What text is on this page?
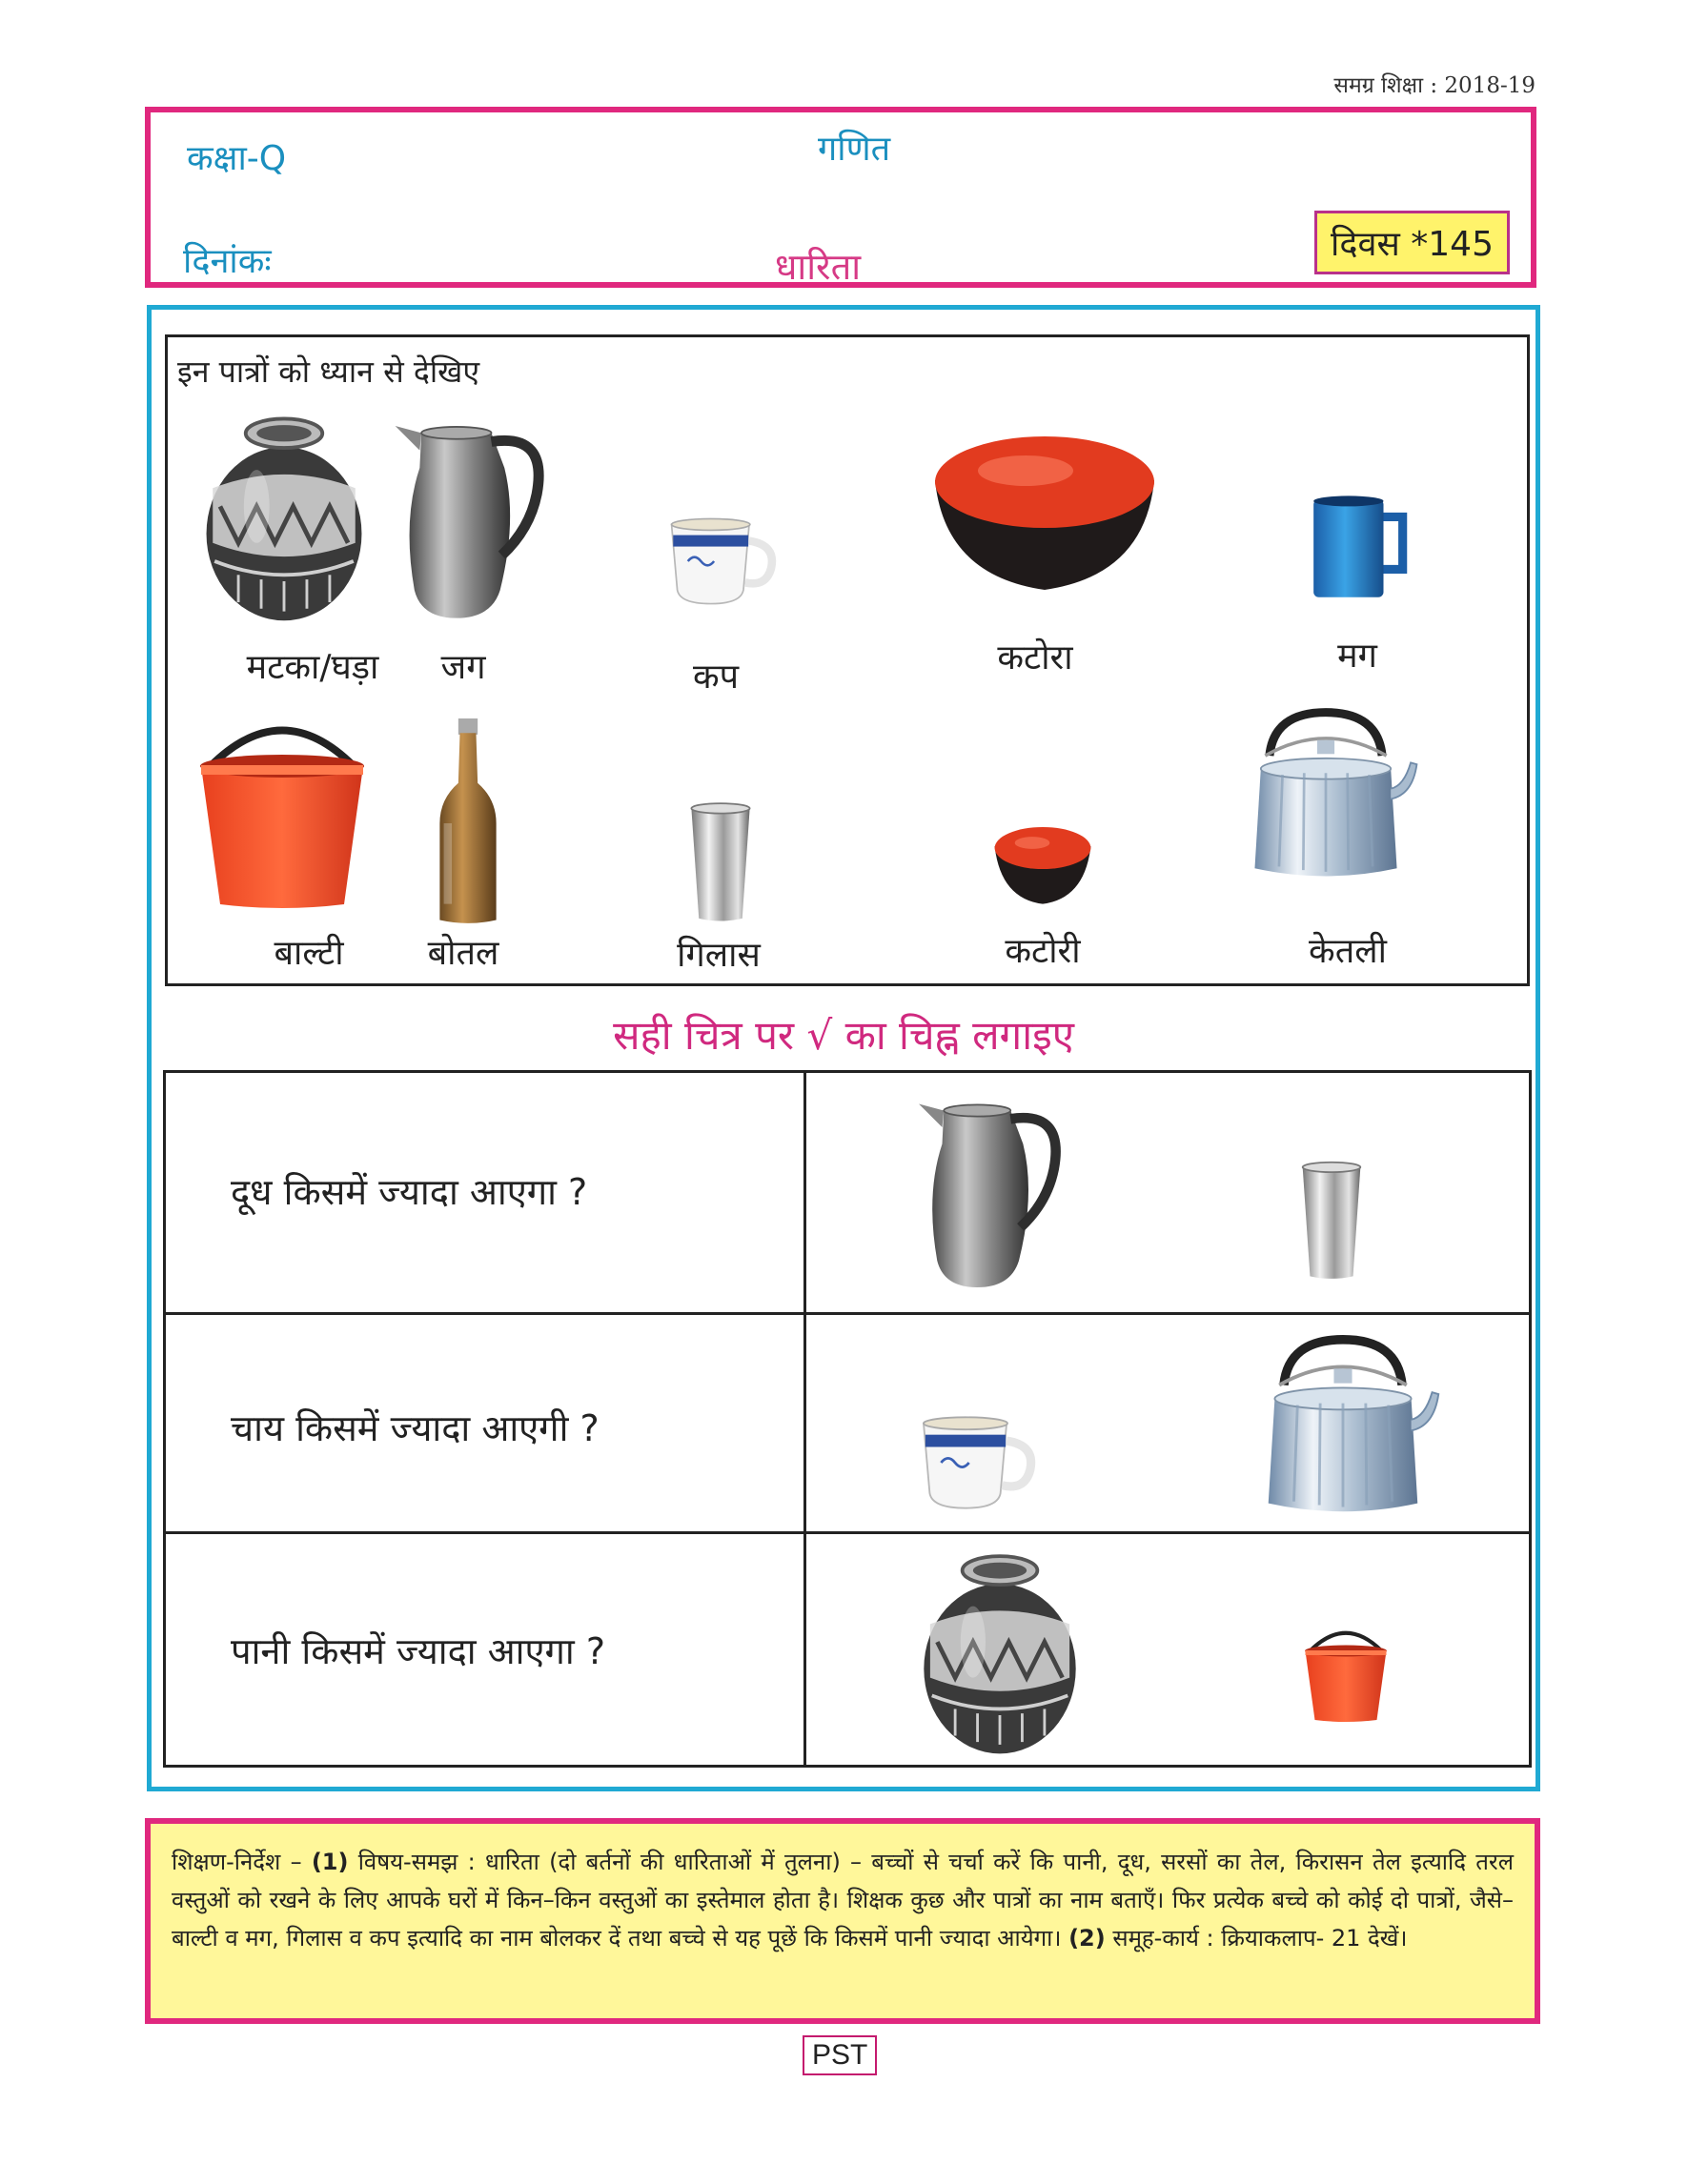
समग्र शिक्षा : 2018-19
कक्षा-Q	गणित
दिनांकः	धारिता
दिवस *145
इन पात्रों को ध्यान से देखिए
मटका/घड़ा	जग	कप	कटोरा	मग
बाल्टी	बोतल	गिलास	कटोरी	केतली
सही चित्र पर √ का चिह्न लगाइए
दूध किसमें ज्यादा आएगा ?
चाय किसमें ज्यादा आएगी ?
पानी किसमें ज्यादा आएगा ?
शिक्षण-निर्देश – (1) विषय-समझ : धारिता (दो बर्तनों की धारिताओं में तुलना) – बच्चों से चर्चा करें कि पानी, दूध, सरसों का तेल, किरासन तेल इत्यादि तरल वस्तुओं को रखने के लिए आपके घरों में किन–किन वस्तुओं का इस्तेमाल होता है। शिक्षक कुछ और पात्रों का नाम बताएँ। फिर प्रत्येक बच्चे को कोई दो पात्रों, जैसे– बाल्टी व मग, गिलास व कप इत्यादि का नाम बोलकर दें तथा बच्चे से यह पूछें कि किसमें पानी ज्यादा आयेगा। (2) समूह-कार्य : क्रियाकलाप- 21 देखें।
PST
